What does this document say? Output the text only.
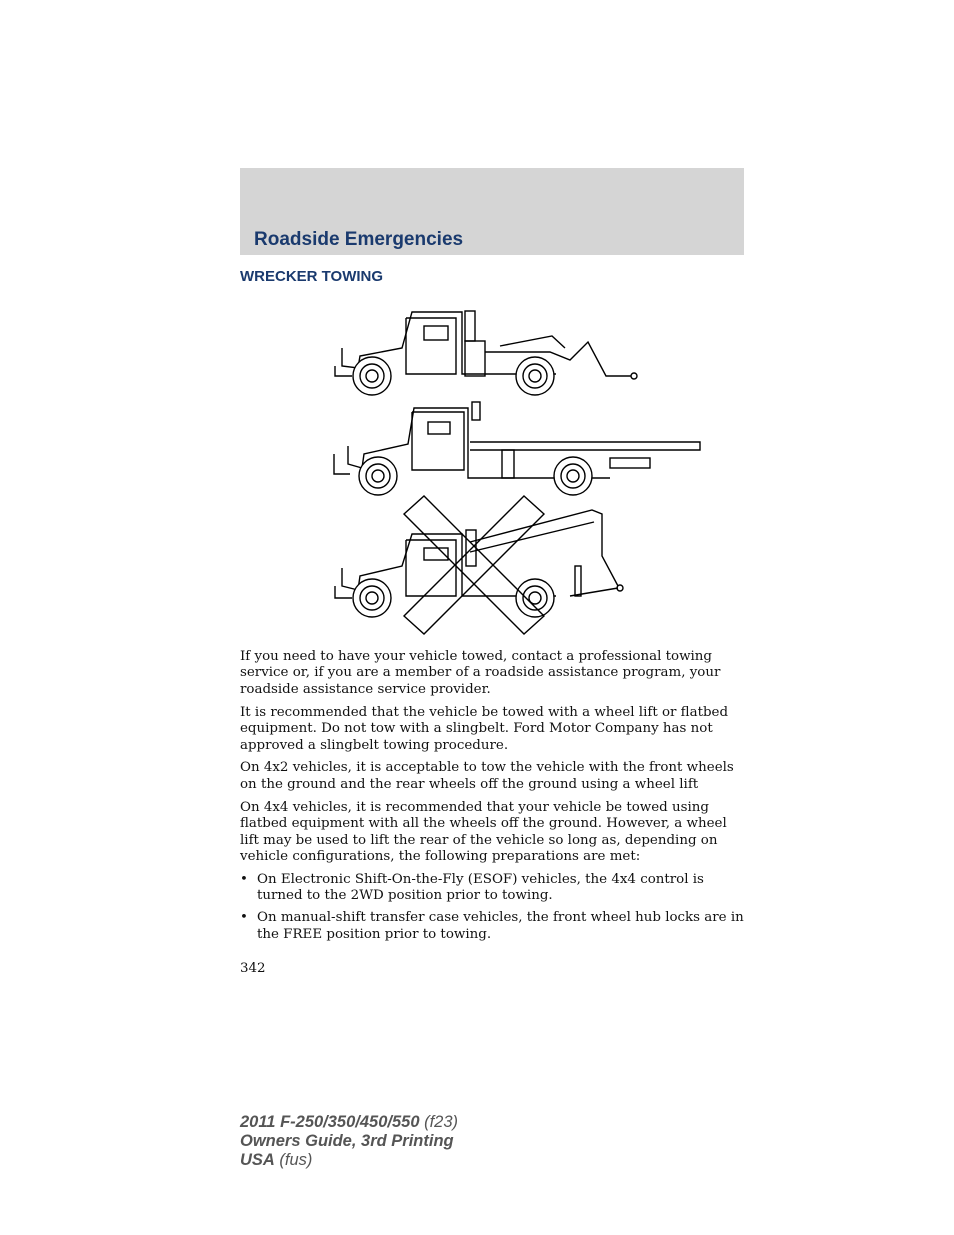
Roadside Emergencies
WRECKER TOWING

If you need to have your vehicle towed, contact a professional towing service or, if you are a member of a roadside assistance program, your roadside assistance service provider.

It is recommended that the vehicle be towed with a wheel lift or flatbed equipment. Do not tow with a slingbelt. Ford Motor Company has not approved a slingbelt towing procedure.

On 4x2 vehicles, it is acceptable to tow the vehicle with the front wheels on the ground and the rear wheels off the ground using a wheel lift

On 4x4 vehicles, it is recommended that your vehicle be towed using flatbed equipment with all the wheels off the ground. However, a wheel lift may be used to lift the rear of the vehicle so long as, depending on vehicle configurations, the following preparations are met:

• On Electronic Shift-On-the-Fly (ESOF) vehicles, the 4x4 control is turned to the 2WD position prior to towing.
• On manual-shift transfer case vehicles, the front wheel hub locks are in the FREE position prior to towing.
342
2011 F-250/350/450/550 (f23)
Owners Guide, 3rd Printing
USA (fus)
